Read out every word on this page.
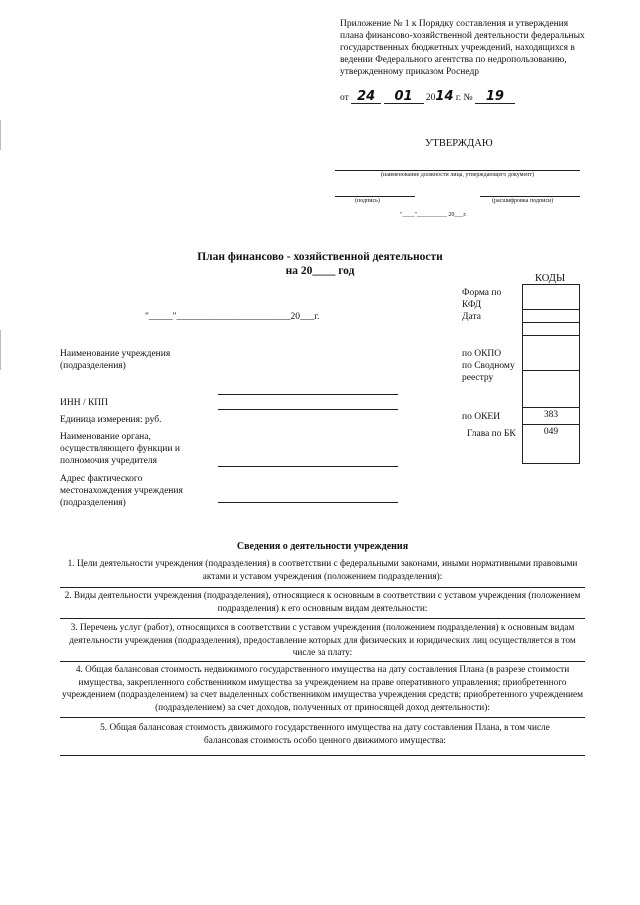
Приложение № 1 к Порядку составления и утверждения плана финансово-хозяйственной деятельности федеральных государственных бюджетных учреждений, находящихся в ведении Федерального агентства по недропользованию, утвержденному приказом Роснедр
от 24 01 2014 г. № 19
УТВЕРЖДАЮ
(наименование должности лица, утверждающего документ)
(подпись)	(расшифровка подписи)
"____"__________ 20___г.
План финансово - хозяйственной деятельности
на 20____ год
"_____"________________________20___г.
КОДЫ
Форма по КФД
Дата
по ОКПО
по Сводному реестру
по ОКЕИ
Глава по БК
383
049
Наименование учреждения (подразделения)
ИНН / КПП
Единица измерения: руб.
Наименование органа, осуществляющего функции и полномочия учредителя
Адрес фактического местонахождения учреждения (подразделения)
Сведения о деятельности учреждения
1. Цели деятельности учреждения (подразделения) в соответствии с федеральными законами, иными нормативными правовыми актами и уставом учреждения (положением подразделения):
2. Виды деятельности учреждения (подразделения), относящиеся к основным в соответствии с уставом учреждения (положением подразделения) к его основным видам деятельности:
3. Перечень услуг (работ), относящихся в соответствии с уставом учреждения (положением подразделения) к основным видам деятельности учреждения (подразделения), предоставление которых для физических и юридических лиц осуществляется в том числе за плату:
4. Общая балансовая стоимость недвижимого государственного имущества на дату составления Плана (в разрезе стоимости имущества, закрепленного собственником имущества за учреждением на праве оперативного управления; приобретенного учреждением (подразделением) за счет выделенных собственником имущества учреждения средств; приобретенного учреждением (подразделением) за счет доходов, полученных от приносящей доход деятельности):
5. Общая балансовая стоимость движимого государственного имущества на дату составления Плана, в том числе балансовая стоимость особо ценного движимого имущества:
